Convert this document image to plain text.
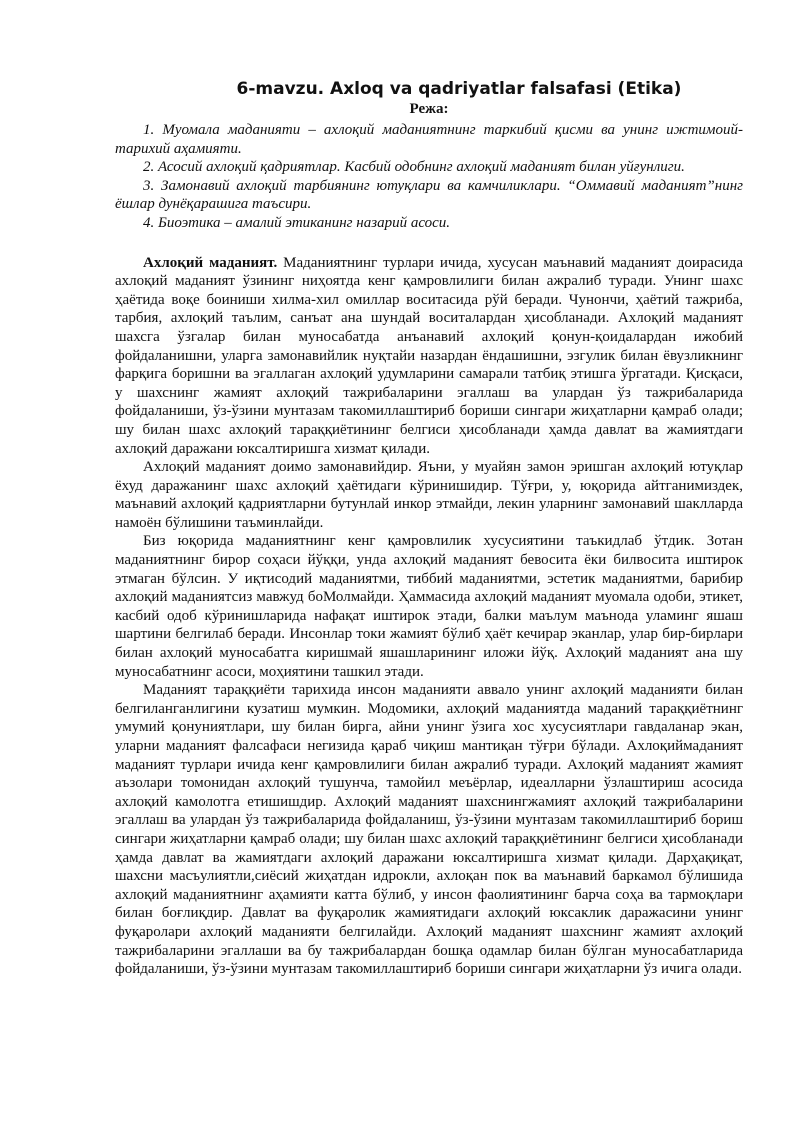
6-mavzu. Axloq va qadriyatlar falsafasi (Etika)
Режа:
1. Муомала маданияти – ахлоқий маданиятнинг таркибий қисми ва унинг ижтимоий-тарихий аҳамияти.
2. Асосий ахлоқий қадриятлар. Касбий одобнинг ахлоқий маданият билан уйғунлиги.
3. Замонавий ахлоқий тарбиянинг ютуқлари ва камчиликлари. “Оммавий маданият”нинг ёшлар дунёқарашига таъсири.
4. Биоэтика – амалий этиканинг назарий асоси.

Ахлоқий маданият. Маданиятнинг турлари ичида, хусусан маънавий маданият доирасида ахлоқий маданият ўзининг ниҳоятда кенг қамровлилиги билан ажралиб туради. Унинг шахс ҳаётида воқе боиниши хилма-хил омиллар воситасида рўй беради. Чунончи, ҳаётий тажриба, тарбия, ахлоқий таълим, санъат ана шундай воситалардан ҳисобланади. Ахлоқий маданият шахсга ўзгалар билан муносабатда анъанавий ахлоқий қонун-қоидалардан ижобий фойдаланишни, уларга замонавийлик нуқтайи назардан ёндашишни, эзгулик билан ёвузликнинг фарқига боришни ва эгаллаган ахлоқий удумларини самарали татбиқ этишга ўргатади. Қисқаси, у шахснинг жамият ахлоқий тажрибаларини эгаллаш ва улардан ўз тажрибаларида фойдаланиши, ўз-ўзини мунтазам такомиллаштириб бориши сингари жиҳатларни қамраб олади; шу билан шахс ахлоқий тараққиётининг белгиси ҳисобланади ҳамда давлат ва жамиятдаги ахлоқий даражани юксалтиришга хизмат қилади.

Ахлоқий маданият доимо замонавийдир. Яъни, у муайян замон эришган ахлоқий ютуқлар ёхуд даражанинг шахс ахлоқий ҳаётидаги кўринишидир. Тўғри, у, юқорида айтганимиздек, маънавий ахлоқий қадриятларни бутунлай инкор этмайди, лекин уларнинг замонавий шаклларда намоён бўлишини таъминлайди.

Биз юқорида маданиятнинг кенг қамровлилик хусусиятини таъкидлаб ўтдик. Зотан маданиятнинг бирор соҳаси йўққи, унда ахлоқий маданият бевосита ёки билвосита иштирок этмаган бўлсин. У иқтисодий маданиятми, тиббий маданиятми, эстетик маданиятми, барибир ахлоқий маданиятсиз мавжуд боМолмайди. Ҳаммасида ахлоқий маданият муомала одоби, этикет, касбий одоб кўринишларида нафақат иштирок этади, балки маълум маънода уламинг яшаш шартини белгилаб беради. Инсонлар токи жамият бўлиб ҳаёт кечирар эканлар, улар бир-бирлари билан ахлоқий муносабатга киришмай яшашларининг иложи йўқ. Ахлоқий маданият ана шу муносабатнинг асоси, моҳиятини ташкил этади.

Маданият тараққиёти тарихида инсон маданияти аввало унинг ахлоқий маданияти билан белгиланганлигини кузатиш мумкин. Модомики, ахлоқий маданиятда маданий тараққиётнинг умумий қонуниятлари, шу билан бирга, айни унинг ўзига хос хусусиятлари гавдаланар экан, уларни маданият фалсафаси негизида қараб чиқиш мантиқан тўғри бўлади. Ахлоқиймаданият маданият турлари ичида кенг қамровлилиги билан ажралиб туради. Ахлоқий маданият жамият аъзолари томонидан ахлоқий тушунча, тамойил меъёрлар, идеалларни ўзлаштириш асосида ахлоқий камолотга етишишдир. Ахлоқий маданият шахснингжамият ахлоқий тажрибаларини эгаллаш ва улардан ўз тажрибаларида фойдаланиш, ўз-ўзини мунтазам такомиллаштириб бориш сингари жиҳатларни қамраб олади; шу билан шахс ахлоқий тараққиётининг белгиси ҳисобланади ҳамда давлат ва жамиятдаги ахлоқий даражани юксалтиришга хизмат қилади. Дарҳақиқат, шахсни масъулиятли,сиёсий жиҳатдан идрокли, ахлоқан пок ва маънавий баркамол бўлишида ахлоқий маданиятнинг аҳамияти катта бўлиб, у инсон фаолиятининг барча соҳа ва тармоқлари билан боғлиқдир. Давлат ва фуқаролик жамиятидаги ахлоқий юксаклик даражасини унинг фуқаролари ахлоқий маданияти белгилайди. Ахлоқий маданият шахснинг жамият ахлоқий тажрибаларини эгаллаши ва бу тажрибалардан бошқа одамлар билан бўлган муносабатларида фойдаланиши, ўз-ўзини мунтазам такомиллаштириб бориши сингари жиҳатларни ўз ичига олади.
